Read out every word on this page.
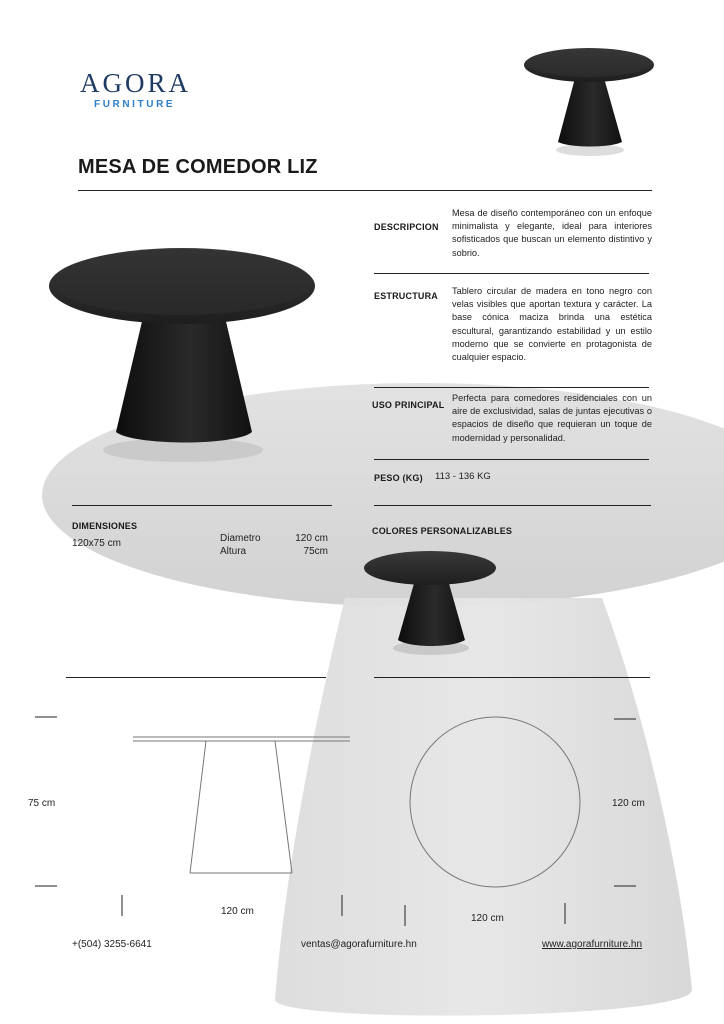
AGORA
FURNITURE
MESA DE COMEDOR LIZ
DESCRIPCION
Mesa de diseño contemporáneo con un enfoque minimalista y elegante, ideal para interiores sofisticados que buscan un elemento distintivo y sobrio.
ESTRUCTURA Tablero circular de madera en tono negro con velas visibles que aportan textura y carácter. La base cónica maciza brinda una estética escultural, garantizando estabilidad y un estilo moderno que se convierte en protagonista de cualquier espacio.
USO PRINCIPAL
Perfecta para comedores residenciales con un aire de exclusividad, salas de juntas ejecutivas o espacios de diseño que requieran un toque de modernidad y personalidad.
PESO (KG) 113 - 136 KG
DIMENSIONES
120x75 cm	Diametro	120 cm
Altura	75cm
COLORES PERSONALIZABLES
75 cm
120 cm
120 cm
120 cm
+(504) 3255-6641	ventas@agorafurniture.hn	www.agorafurniture.hn
